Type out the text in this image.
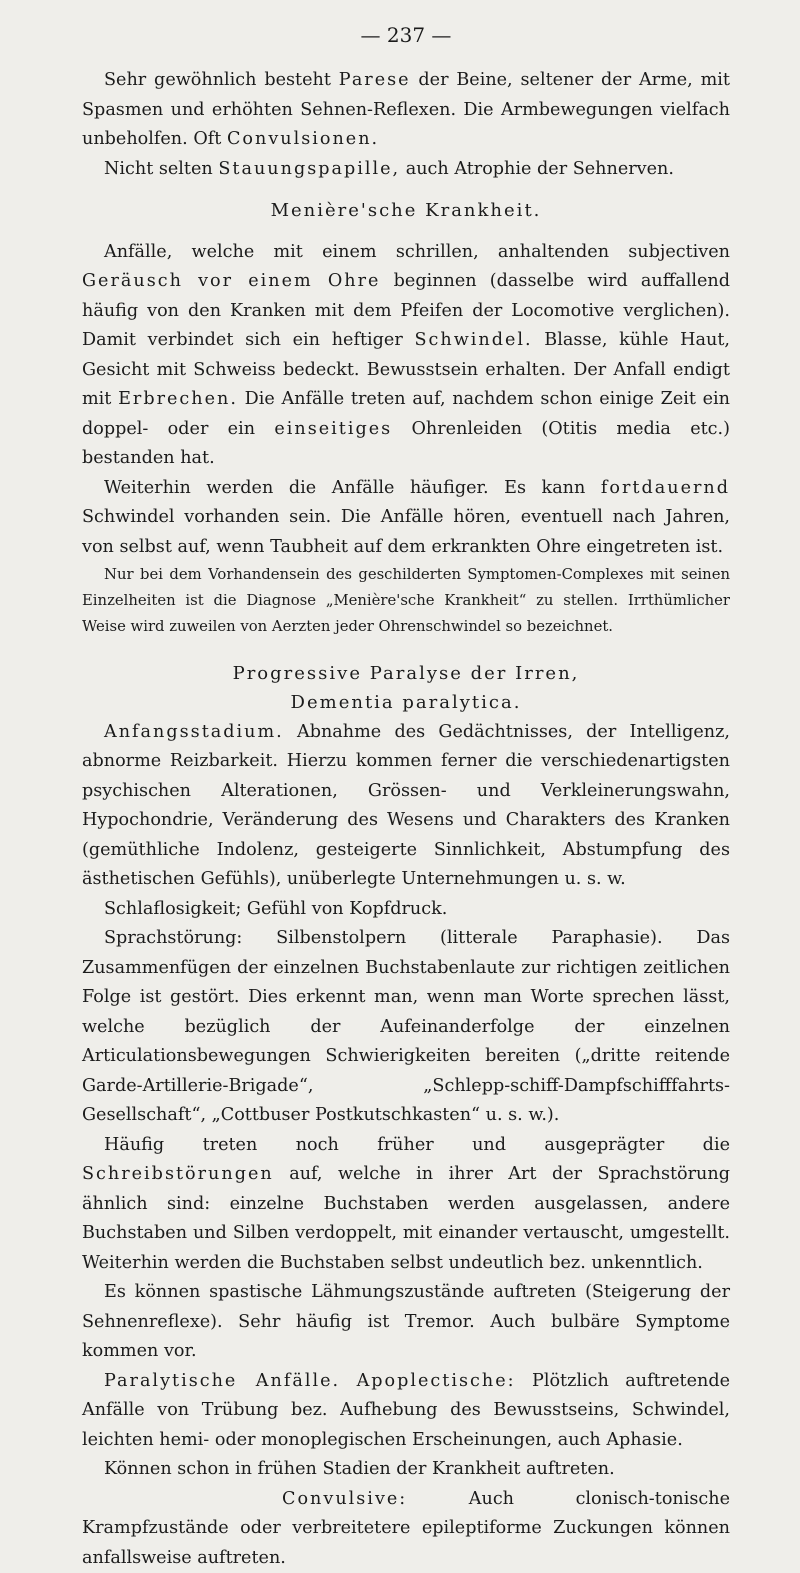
— 237 —

Sehr gewöhnlich besteht Parese der Beine, seltener der Arme, mit Spasmen und erhöhten Sehnen-Reflexen. Die Armbewegungen vielfach unbeholfen. Oft Convulsionen.

Nicht selten Stauungspapille, auch Atrophie der Sehnerven.

Menière'sche Krankheit.

Anfälle, welche mit einem schrillen, anhaltenden subjectiven Geräusch vor einem Ohre beginnen (dasselbe wird auffallend häufig von den Kranken mit dem Pfeifen der Locomotive verglichen). Damit verbindet sich ein heftiger Schwindel. Blasse, kühle Haut, Gesicht mit Schweiss bedeckt. Bewusstsein erhalten. Der Anfall endigt mit Erbrechen. Die Anfälle treten auf, nachdem schon einige Zeit ein doppel- oder ein einseitiges Ohrenleiden (Otitis media etc.) bestanden hat.

Weiterhin werden die Anfälle häufiger. Es kann fortdauernd Schwindel vorhanden sein. Die Anfälle hören, eventuell nach Jahren, von selbst auf, wenn Taubheit auf dem erkrankten Ohre eingetreten ist.

Nur bei dem Vorhandensein des geschilderten Symptomen-Complexes mit seinen Einzelheiten ist die Diagnose „Menière'sche Krankheit“ zu stellen. Irrthümlicher Weise wird zuweilen von Aerzten jeder Ohrenschwindel so bezeichnet.

Progressive Paralyse der Irren,

Dementia paralytica.

Anfangsstadium. Abnahme des Gedächtnisses, der Intelligenz, abnorme Reizbarkeit. Hierzu kommen ferner die verschiedenartigsten psychischen Alterationen, Grössen- und Verkleinerungswahn, Hypochondrie, Veränderung des Wesens und Charakters des Kranken (gemüthliche Indolenz, gesteigerte Sinnlichkeit, Abstumpfung des ästhetischen Gefühls), unüberlegte Unternehmungen u. s. w.

Schlaflosigkeit; Gefühl von Kopfdruck.

Sprachstörung: Silbenstolpern (litterale Paraphasie). Das Zusammenfügen der einzelnen Buchstabenlaute zur richtigen zeitlichen Folge ist gestört. Dies erkennt man, wenn man Worte sprechen lässt, welche bezüglich der Aufeinanderfolge der einzelnen Articulationsbewegungen Schwierigkeiten bereiten („dritte reitende Garde-Artillerie-Brigade“, „Schlepp-schiff-Dampfschifffahrts-Gesellschaft“, „Cottbuser Postkutschkasten“ u. s. w.).

Häufig treten noch früher und ausgeprägter die Schreibstörungen auf, welche in ihrer Art der Sprachstörung ähnlich sind: einzelne Buchstaben werden ausgelassen, andere Buchstaben und Silben verdoppelt, mit einander vertauscht, umgestellt. Weiterhin werden die Buchstaben selbst undeutlich bez. unkenntlich.

Es können spastische Lähmungszustände auftreten (Steigerung der Sehnenreflexe). Sehr häufig ist Tremor. Auch bulbäre Symptome kommen vor.

Paralytische Anfälle. Apoplectische: Plötzlich auftretende Anfälle von Trübung bez. Aufhebung des Bewusstseins, Schwindel, leichten hemi- oder monoplegischen Erscheinungen, auch Aphasie.

Können schon in frühen Stadien der Krankheit auftreten.

Convulsive: Auch clonisch-tonische Krampfzustände oder verbreitetere epileptiforme Zuckungen können anfallsweise auftreten.
